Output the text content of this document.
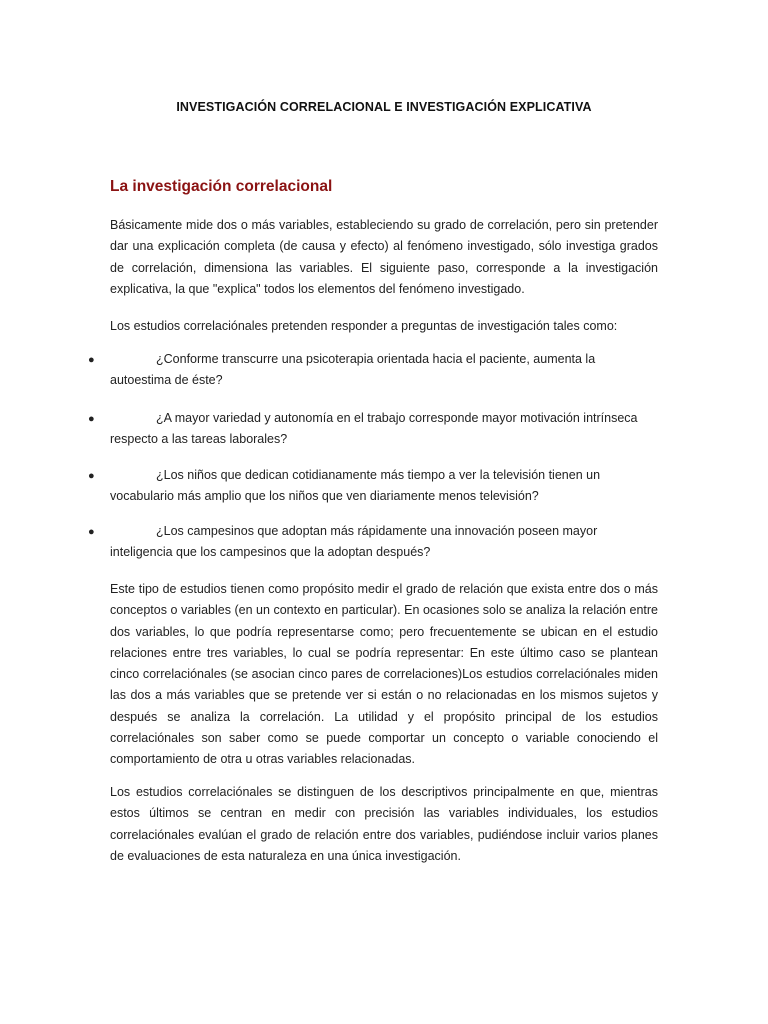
INVESTIGACIÓN CORRELACIONAL E INVESTIGACIÓN EXPLICATIVA
La investigación correlacional

Básicamente mide dos o más variables, estableciendo su grado de correlación, pero sin pretender dar una explicación completa (de causa y efecto) al fenómeno investigado, sólo investiga grados de correlación, dimensiona las variables. El siguiente paso, corresponde a la investigación explicativa, la que "explica" todos los elementos del fenómeno investigado.

Los estudios correlaciónales pretenden responder a preguntas de investigación tales como:

●	¿Conforme transcurre una psicoterapia orientada hacia el paciente, aumenta la autoestima de éste?

●	¿A mayor variedad y autonomía en el trabajo corresponde mayor motivación intrínseca respecto a las tareas laborales?

●	¿Los niños que dedican cotidianamente más tiempo a ver la televisión tienen un vocabulario más amplio que los niños que ven diariamente menos televisión?

●	¿Los campesinos que adoptan más rápidamente una innovación poseen mayor inteligencia que los campesinos que la adoptan después?

Este tipo de estudios tienen como propósito medir el grado de relación que exista entre dos o más conceptos o variables (en un contexto en particular). En ocasiones solo se analiza la relación entre dos variables, lo que podría representarse como; pero frecuentemente se ubican en el estudio relaciones entre tres variables, lo cual se podría representar: En este último caso se plantean cinco correlaciónales (se asocian cinco pares de correlaciones)Los estudios correlaciónales miden las dos a más variables que se pretende ver si están o no relacionadas en los mismos sujetos y después se analiza la correlación. La utilidad y el propósito principal de los estudios correlaciónales son saber como se puede comportar un concepto o variable conociendo el comportamiento de otra u otras variables relacionadas.

Los estudios correlaciónales se distinguen de los descriptivos principalmente en que, mientras estos últimos se centran en medir con precisión las variables individuales, los estudios correlaciónales evalúan el grado de relación entre dos variables, pudiéndose incluir varios planes de evaluaciones de esta naturaleza en una única investigación.
